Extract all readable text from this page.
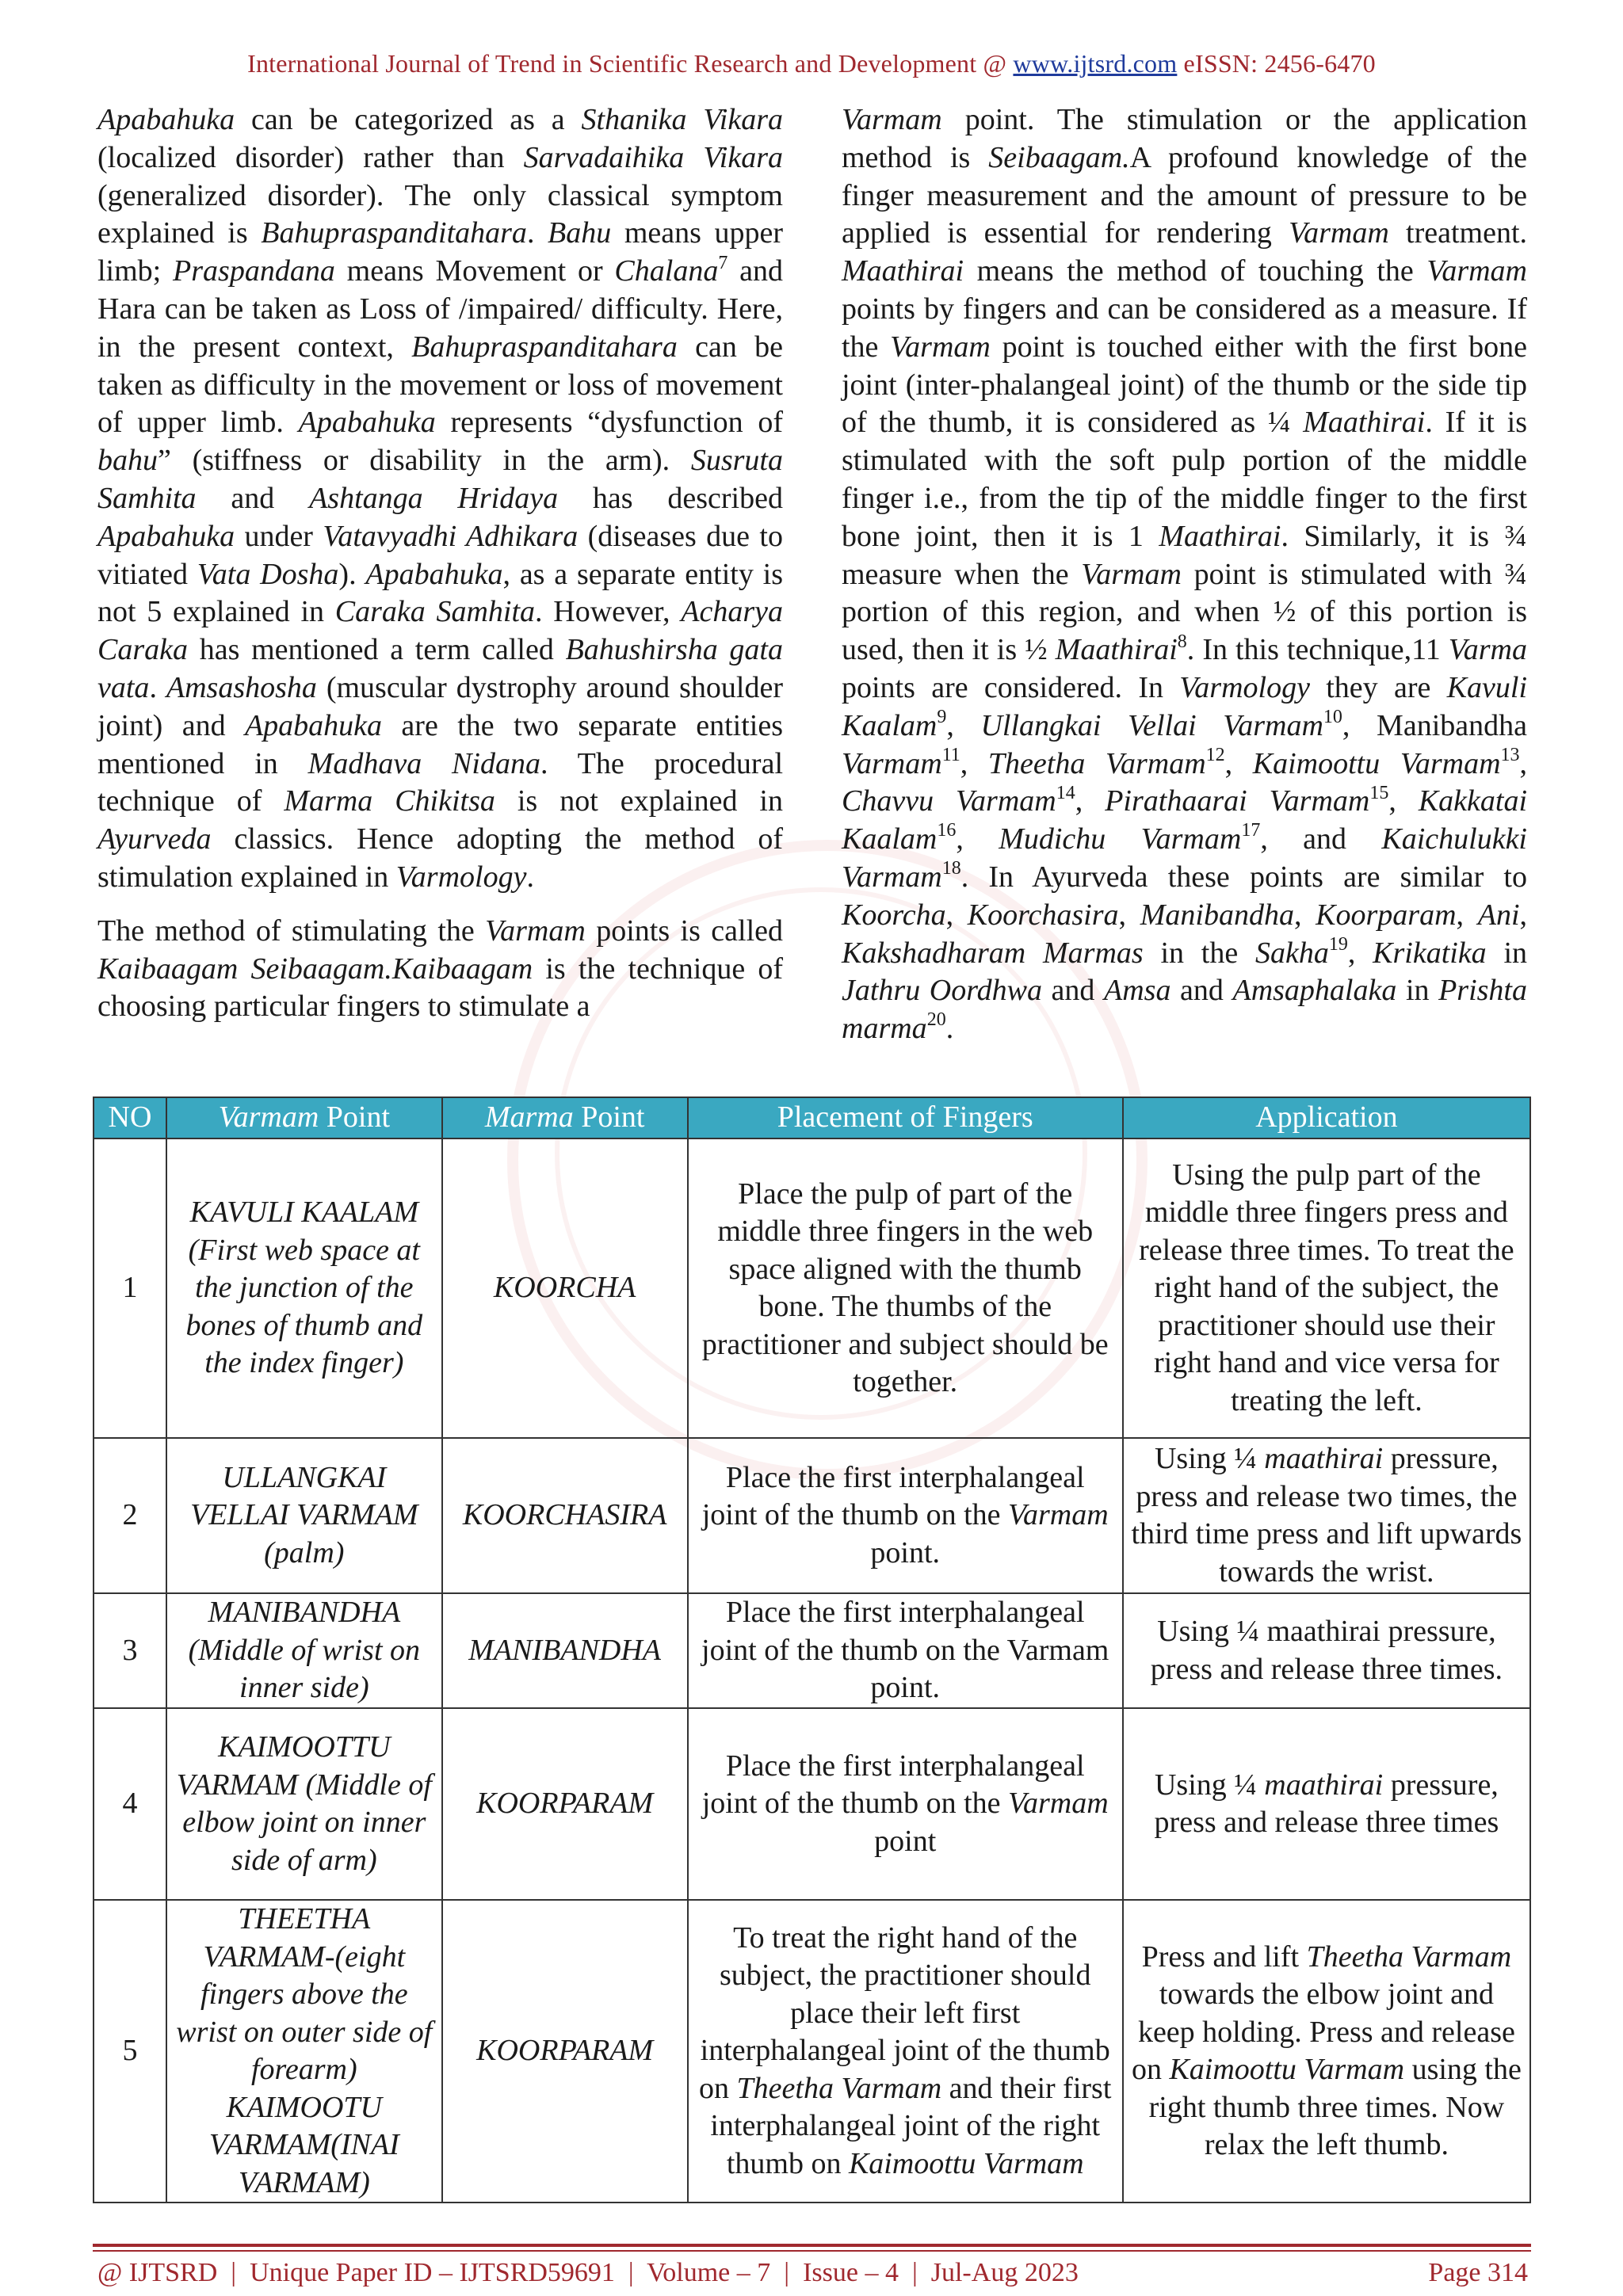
International Journal of Trend in Scientific Research and Development @ www.ijtsrd.com eISSN: 2456-6470

Apabahuka can be categorized as a Sthanika Vikara (localized disorder) rather than Sarvadaihika Vikara (generalized disorder). The only classical symptom explained is Bahupraspanditahara. Bahu means upper limb; Praspandana means Movement or Chalana$^7$ and Hara can be taken as Loss of /impaired/ difficulty. Here, in the present context, Bahupraspanditahara can be taken as difficulty in the movement or loss of movement of upper limb. Apabahuka represents “dysfunction of bahu” (stiffness or disability in the arm). Susruta Samhita and Ashtanga Hridaya has described Apabahuka under Vatavyadhi Adhikara (diseases due to vitiated Vata Dosha). Apabahuka, as a separate entity is not 5 explained in Caraka Samhita. However, Acharya Caraka has mentioned a term called Bahushirsha gata vata. Amsashosha (muscular dystrophy around shoulder joint) and Apabahuka are the two separate entities mentioned in Madhava Nidana. The procedural technique of Marma Chikitsa is not explained in Ayurveda classics. Hence adopting the method of stimulation explained in Varmology.

The method of stimulating the Varmam points is called Kaibaagam Seibaagam.Kaibaagam is the technique of choosing particular fingers to stimulate a

Varmam point. The stimulation or the application method is Seibaagam.A profound knowledge of the finger measurement and the amount of pressure to be applied is essential for rendering Varmam treatment. Maathirai means the method of touching the Varmam points by fingers and can be considered as a measure. If the Varmam point is touched either with the first bone joint (inter-phalangeal joint) of the thumb or the side tip of the thumb, it is considered as ¼ Maathirai. If it is stimulated with the soft pulp portion of the middle finger i.e., from the tip of the middle finger to the first bone joint, then it is 1 Maathirai. Similarly, it is ¾ measure when the Varmam point is stimulated with ¾ portion of this region, and when ½ of this portion is used, then it is ½ Maathirai$^8$. In this technique,11 Varma points are considered. In Varmology they are Kavuli Kaalam$^9$, Ullangkai Vellai Varmam$^{10}$, Manibandha Varmam$^{11}$, Theetha Varmam$^{12}$, Kaimoottu Varmam$^{13}$, Chavvu Varmam$^{14}$, Pirathaarai Varmam$^{15}$, Kakkatai Kaalam$^{16}$, Mudichu Varmam$^{17}$, and Kaichulukki Varmam$^{18}$. In Ayurveda these points are similar to Koorcha, Koorchasira, Manibandha, Koorparam, Ani, Kakshadharam Marmas in the Sakha$^{19}$, Krikatika in Jathru Oordhwa and Amsa and Amsaphalaka in Prishta marma$^{20}$.

NO	Varmam Point	Marma Point	Placement of Fingers	Application
1	KAVULI KAALAM (First web space at the junction of the bones of thumb and the index finger)	KOORCHA	Place the pulp of part of the middle three fingers in the web space aligned with the thumb bone. The thumbs of the practitioner and subject should be together.	Using the pulp part of the middle three fingers press and release three times. To treat the right hand of the subject, the practitioner should use their right hand and vice versa for treating the left.
2	ULLANGKAI VELLAI VARMAM (palm)	KOORCHASIRA	Place the first interphalangeal joint of the thumb on the Varmam point.	Using ¼ maathirai pressure, press and release two times, the third time press and lift upwards towards the wrist.
3	MANIBANDHA (Middle of wrist on inner side)	MANIBANDHA	Place the first interphalangeal joint of the thumb on the Varmam point.	Using ¼ maathirai pressure, press and release three times.
4	KAIMOOTTU VARMAM (Middle of elbow joint on inner side of arm)	KOORPARAM	Place the first interphalangeal joint of the thumb on the Varmam point	Using ¼ maathirai pressure, press and release three times
5	THEETHA VARMAM-(eight fingers above the wrist on outer side of forearm) KAIMOOTU VARMAM(INAI VARMAM)	KOORPARAM	To treat the right hand of the subject, the practitioner should place their left first interphalangeal joint of the thumb on Theetha Varmam and their first interphalangeal joint of the right thumb on Kaimoottu Varmam	Press and lift Theetha Varmam towards the elbow joint and keep holding. Press and release on Kaimoottu Varmam using the right thumb three times. Now relax the left thumb.
@ IJTSRD  |  Unique Paper ID – IJTSRD59691  |  Volume – 7  |  Issue – 4  |  Jul-Aug 2023	Page 314
